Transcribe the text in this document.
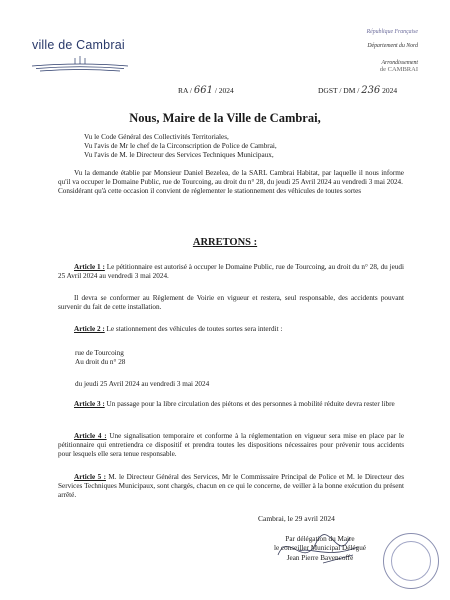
ville de Cambrai
République Française
Département du Nord
Arrondissement
de CAMBRAI
RA / 661 / 2024	DGST / DM / 236 2024
Nous, Maire de la Ville de Cambrai,
Vu le Code Général des Collectivités Territoriales,
Vu l'avis de Mr le chef de la Circonscription de Police de Cambrai,
Vu l'avis de M. le Directeur des Services Techniques Municipaux,
Vu la demande établie par Monsieur Daniel Bezelea, de la SARL Cambrai Habitat, par laquelle il nous informe qu'il va occuper le Domaine Public, rue de Tourcoing, au droit du n° 28, du jeudi 25 Avril 2024 au vendredi 3 mai 2024.
Considérant qu'à cette occasion il convient de réglementer le stationnement des véhicules de toutes sortes
ARRETONS :
Article 1 : Le pétitionnaire est autorisé à occuper le Domaine Public, rue de Tourcoing, au droit du n° 28, du jeudi 25 Avril 2024 au vendredi 3 mai 2024.
Il devra se conformer au Règlement de Voirie en vigueur et restera, seul responsable, des accidents pouvant survenir du fait de cette installation.
Article 2 : Le stationnement des véhicules de toutes sortes sera interdit :
rue de Tourcoing
Au droit du n° 28
du jeudi 25 Avril 2024 au vendredi 3 mai 2024
Article 3 : Un passage pour la libre circulation des piétons et des personnes à mobilité réduite devra rester libre
Article 4 : Une signalisation temporaire et conforme à la réglementation en vigueur sera mise en place par le pétitionnaire qui entretiendra ce dispositif et prendra toutes les dispositions nécessaires pour prévenir tous accidents pour lesquels elle sera tenue responsable.
Article 5 : M. le Directeur Général des Services, Mr le Commissaire Principal de Police et M. le Directeur des Services Techniques Municipaux, sont chargés, chacun en ce qui le concerne, de veiller à la bonne exécution du présent arrêté.
Cambrai, le 29 avril 2024
Par délégation du Maire
le conseiller Municipal Délégué
Jean Pierre Bavencoffe
